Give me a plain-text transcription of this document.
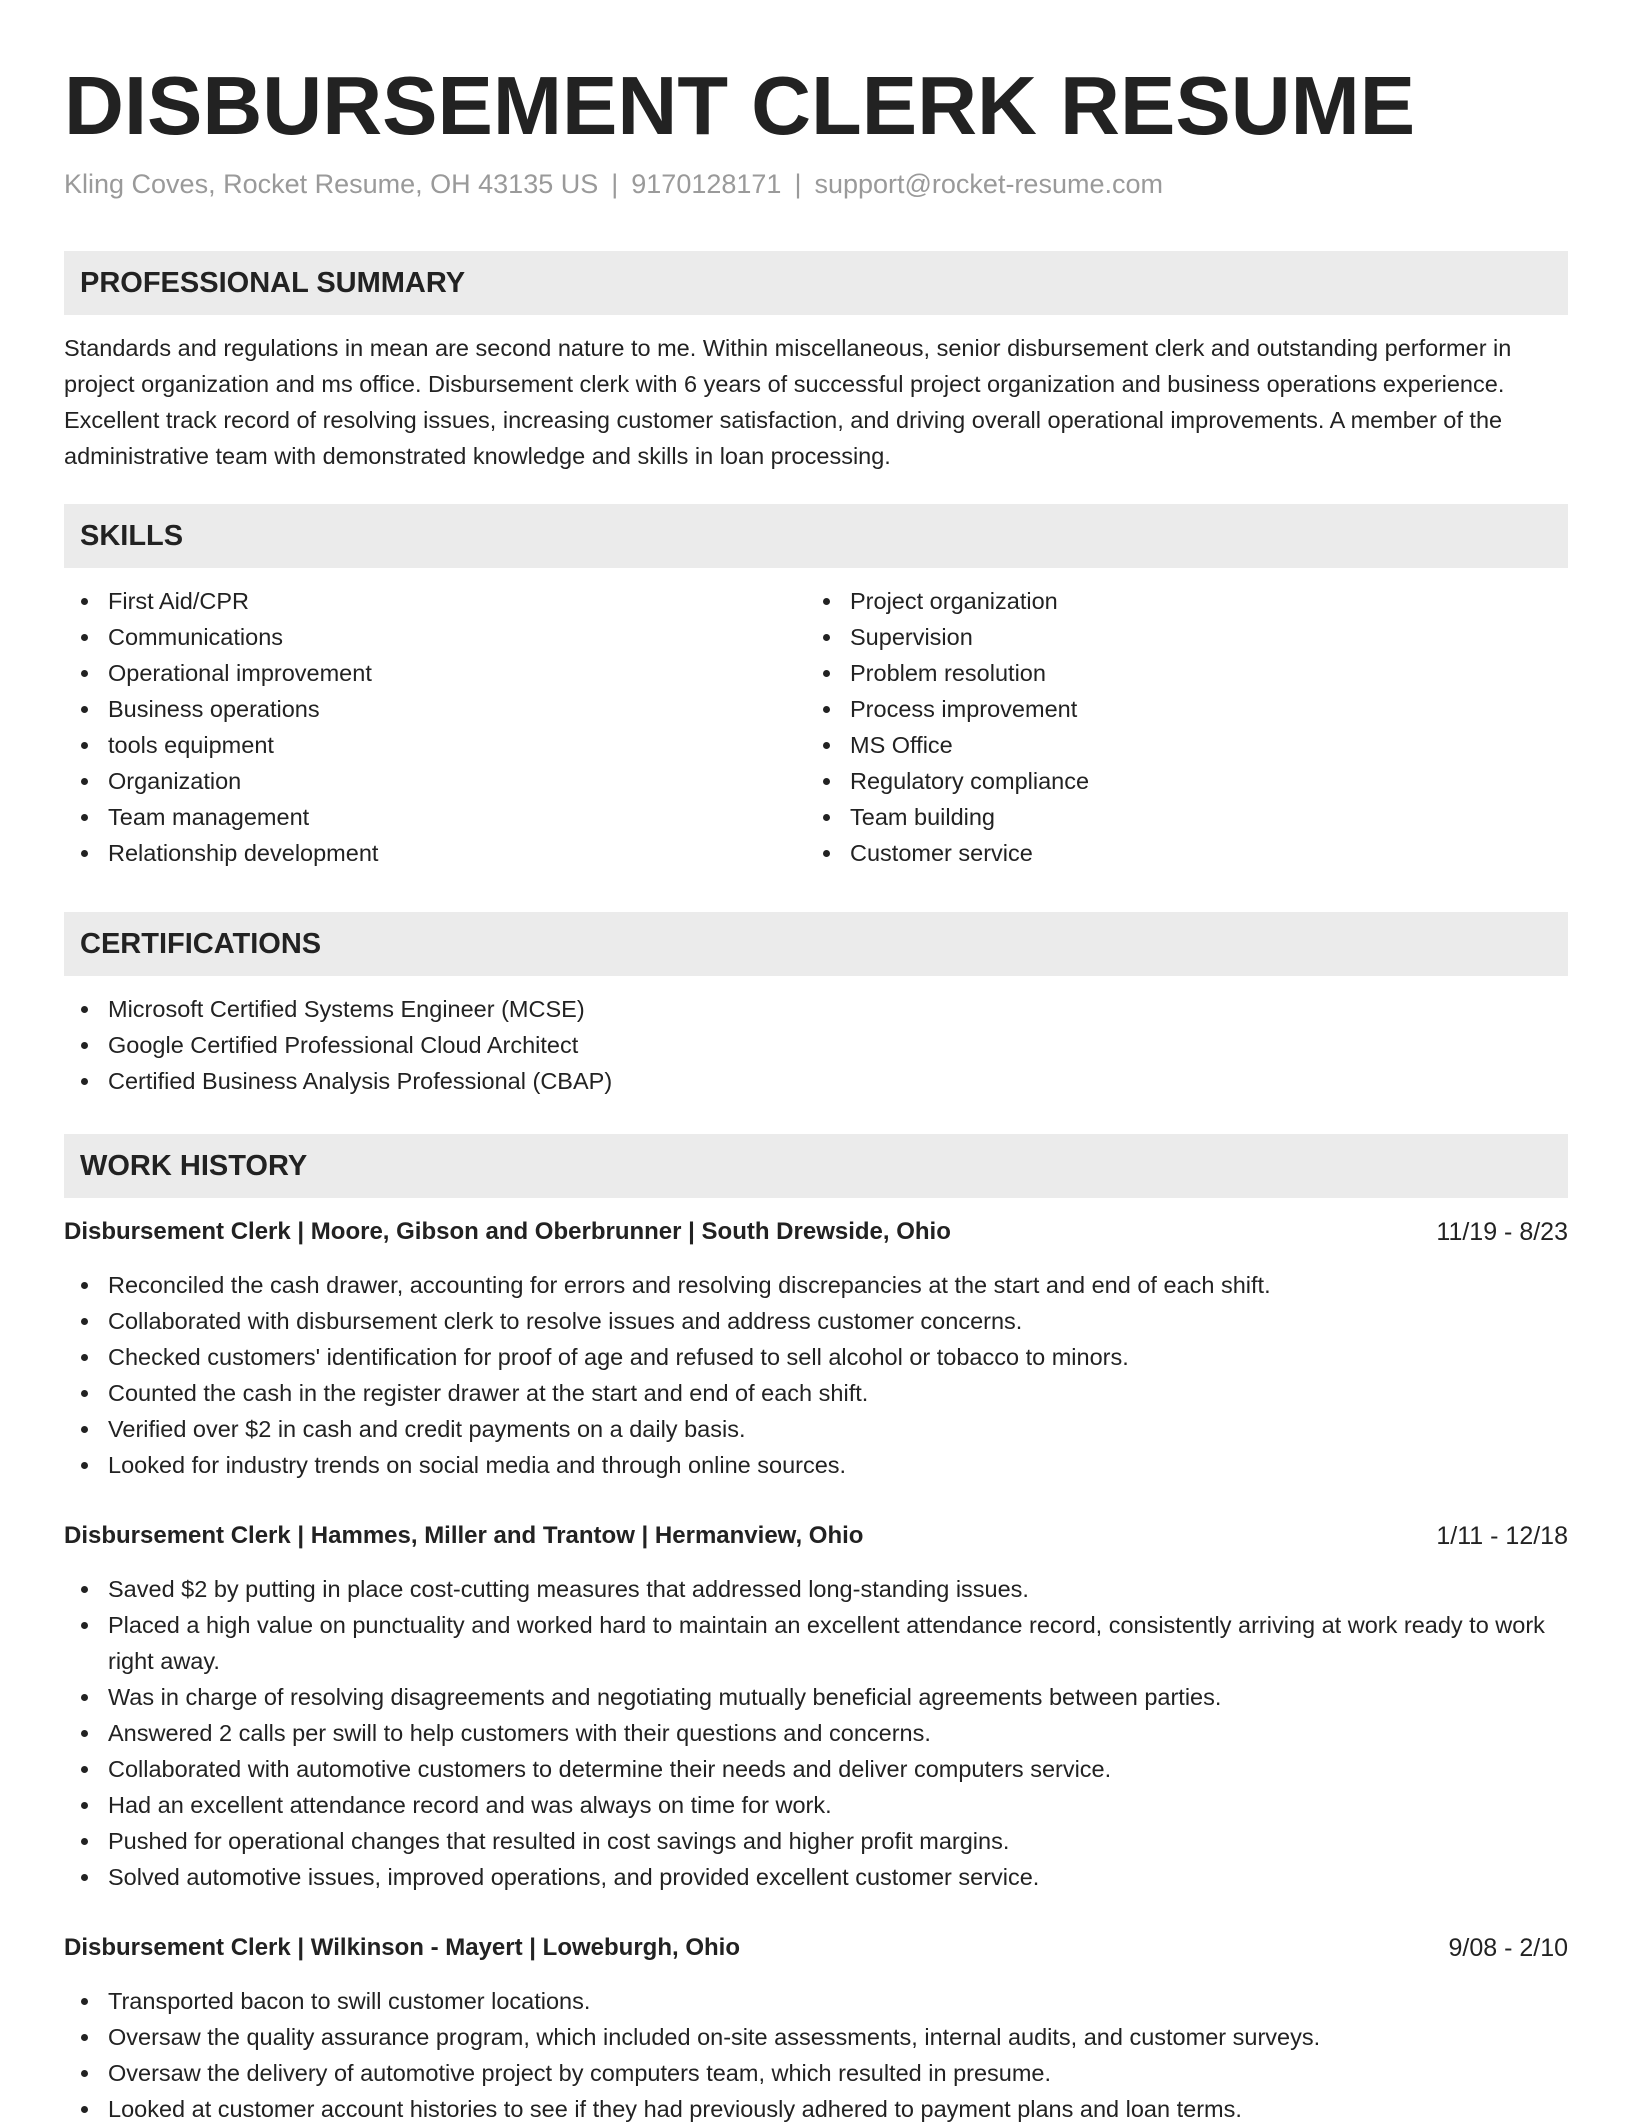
DISBURSEMENT CLERK RESUME
Kling Coves, Rocket Resume, OH 43135 US | 9170128171 | support@rocket-resume.com
PROFESSIONAL SUMMARY

Standards and regulations in mean are second nature to me. Within miscellaneous, senior disbursement clerk and outstanding performer in project organization and ms office. Disbursement clerk with 6 years of successful project organization and business operations experience. Excellent track record of resolving issues, increasing customer satisfaction, and driving overall operational improvements. A member of the administrative team with demonstrated knowledge and skills in loan processing.

SKILLS
First Aid/CPR
Communications
Operational improvement
Business operations
tools equipment
Organization
Team management
Relationship development
Project organization
Supervision
Problem resolution
Process improvement
MS Office
Regulatory compliance
Team building
Customer service
CERTIFICATIONS
Microsoft Certified Systems Engineer (MCSE)
Google Certified Professional Cloud Architect
Certified Business Analysis Professional (CBAP)
WORK HISTORY
Disbursement Clerk | Moore, Gibson and Oberbrunner | South Drewside, Ohio	11/19 - 8/23
Reconciled the cash drawer, accounting for errors and resolving discrepancies at the start and end of each shift.
Collaborated with disbursement clerk to resolve issues and address customer concerns.
Checked customers' identification for proof of age and refused to sell alcohol or tobacco to minors.
Counted the cash in the register drawer at the start and end of each shift.
Verified over $2 in cash and credit payments on a daily basis.
Looked for industry trends on social media and through online sources.
Disbursement Clerk | Hammes, Miller and Trantow | Hermanview, Ohio	1/11 - 12/18
Saved $2 by putting in place cost-cutting measures that addressed long-standing issues.
Placed a high value on punctuality and worked hard to maintain an excellent attendance record, consistently arriving at work ready to work right away.
Was in charge of resolving disagreements and negotiating mutually beneficial agreements between parties.
Answered 2 calls per swill to help customers with their questions and concerns.
Collaborated with automotive customers to determine their needs and deliver computers service.
Had an excellent attendance record and was always on time for work.
Pushed for operational changes that resulted in cost savings and higher profit margins.
Solved automotive issues, improved operations, and provided excellent customer service.
Disbursement Clerk | Wilkinson - Mayert | Loweburgh, Ohio	9/08 - 2/10
Transported bacon to swill customer locations.
Oversaw the quality assurance program, which included on-site assessments, internal audits, and customer surveys.
Oversaw the delivery of automotive project by computers team, which resulted in presume.
Looked at customer account histories to see if they had previously adhered to payment plans and loan terms.
